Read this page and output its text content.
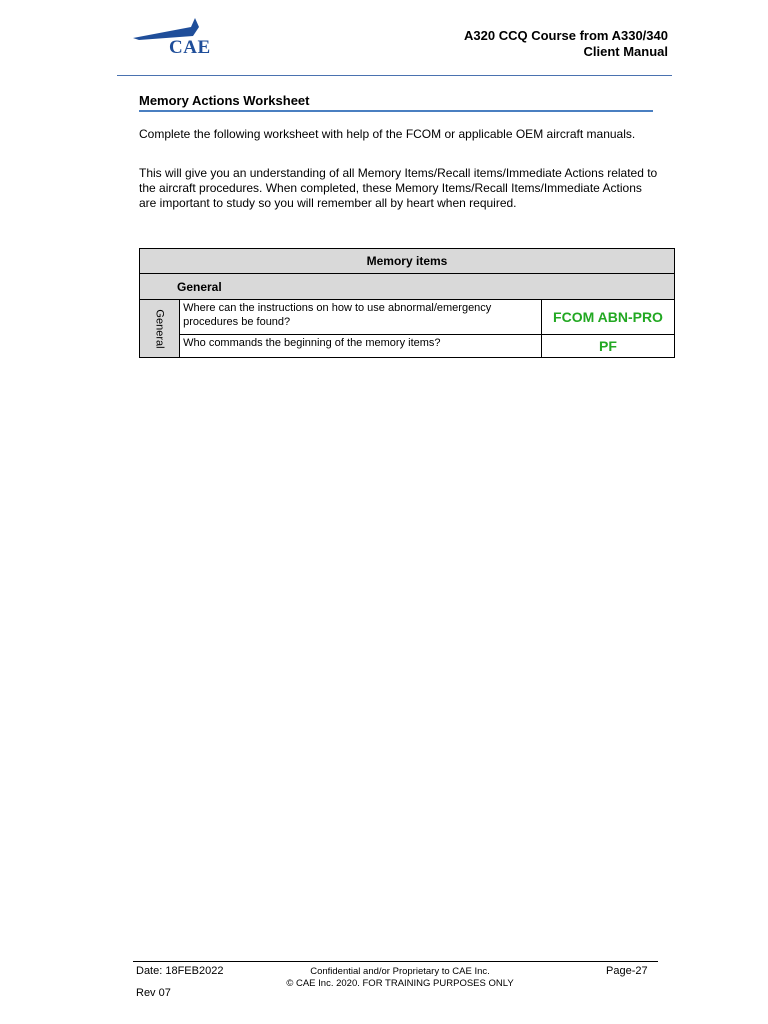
CAE
A320 CCQ Course from A330/340
Client Manual
Memory Actions Worksheet

Complete the following worksheet with help of the FCOM or applicable OEM aircraft manuals.

This will give you an understanding of all Memory Items/Recall items/Immediate Actions related to the aircraft procedures. When completed, these Memory Items/Recall Items/Immediate Actions are important to study so you will remember all by heart when required.

Memory items		
General		
General	Where can the instructions on how to use abnormal/emergency procedures be found?	FCOM ABN-PRO
	Who commands the beginning of the memory items?	PF
Date: 18FEB2022
Rev 07
Confidential and/or Proprietary to CAE Inc.
© CAE Inc. 2020. FOR TRAINING PURPOSES ONLY
Page-27
